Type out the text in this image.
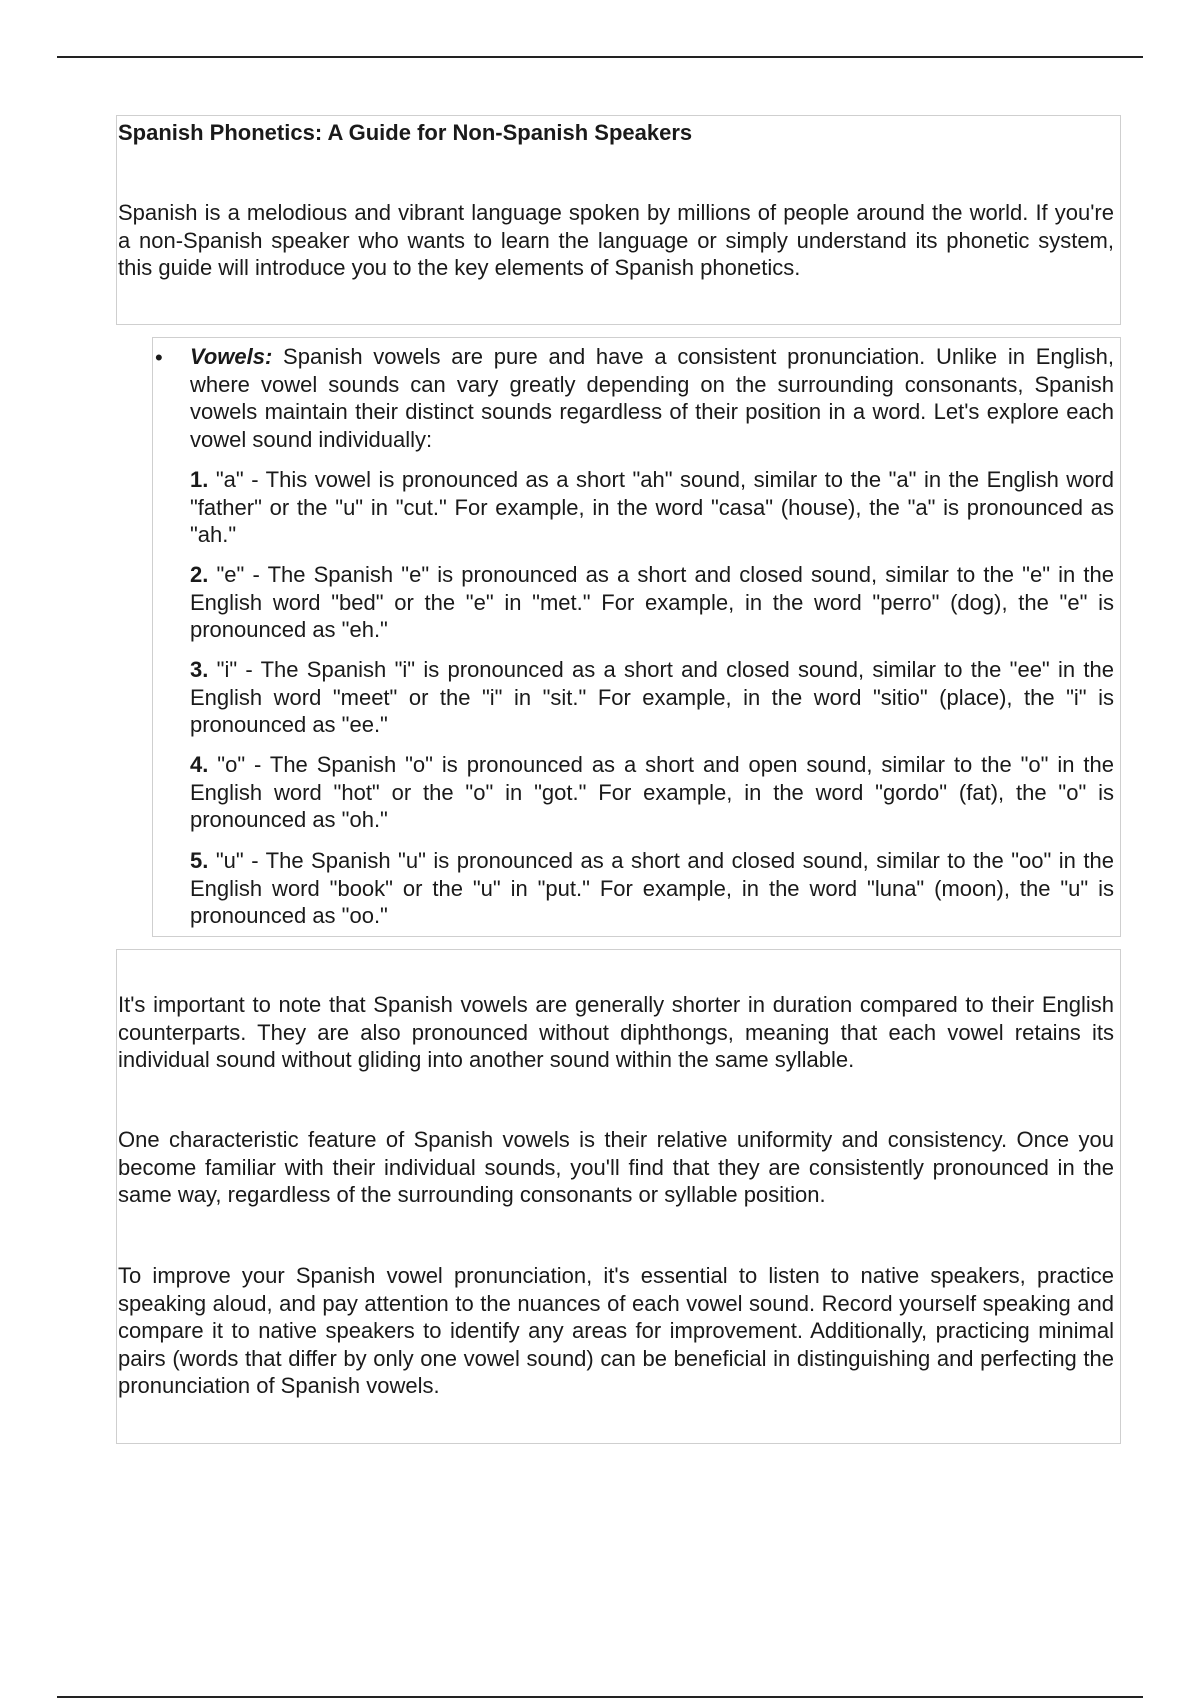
Spanish Phonetics: A Guide for Non-Spanish Speakers

Spanish is a melodious and vibrant language spoken by millions of people around the world. If you're a non-Spanish speaker who wants to learn the language or simply understand its phonetic system, this guide will introduce you to the key elements of Spanish phonetics.

• Vowels: Spanish vowels are pure and have a consistent pronunciation. Unlike in English, where vowel sounds can vary greatly depending on the surrounding consonants, Spanish vowels maintain their distinct sounds regardless of their position in a word. Let's explore each vowel sound individually:

1. "a" - This vowel is pronounced as a short "ah" sound, similar to the "a" in the English word "father" or the "u" in "cut." For example, in the word "casa" (house), the "a" is pronounced as "ah."

2. "e" - The Spanish "e" is pronounced as a short and closed sound, similar to the "e" in the English word "bed" or the "e" in "met." For example, in the word "perro" (dog), the "e" is pronounced as "eh."

3. "i" - The Spanish "i" is pronounced as a short and closed sound, similar to the "ee" in the English word "meet" or the "i" in "sit." For example, in the word "sitio" (place), the "i" is pronounced as "ee."

4. "o" - The Spanish "o" is pronounced as a short and open sound, similar to the "o" in the English word "hot" or the "o" in "got." For example, in the word "gordo" (fat), the "o" is pronounced as "oh."

5. "u" - The Spanish "u" is pronounced as a short and closed sound, similar to the "oo" in the English word "book" or the "u" in "put." For example, in the word "luna" (moon), the "u" is pronounced as "oo."

It's important to note that Spanish vowels are generally shorter in duration compared to their English counterparts. They are also pronounced without diphthongs, meaning that each vowel retains its individual sound without gliding into another sound within the same syllable.

One characteristic feature of Spanish vowels is their relative uniformity and consistency. Once you become familiar with their individual sounds, you'll find that they are consistently pronounced in the same way, regardless of the surrounding consonants or syllable position.

To improve your Spanish vowel pronunciation, it's essential to listen to native speakers, practice speaking aloud, and pay attention to the nuances of each vowel sound. Record yourself speaking and compare it to native speakers to identify any areas for improvement. Additionally, practicing minimal pairs (words that differ by only one vowel sound) can be beneficial in distinguishing and perfecting the pronunciation of Spanish vowels.
